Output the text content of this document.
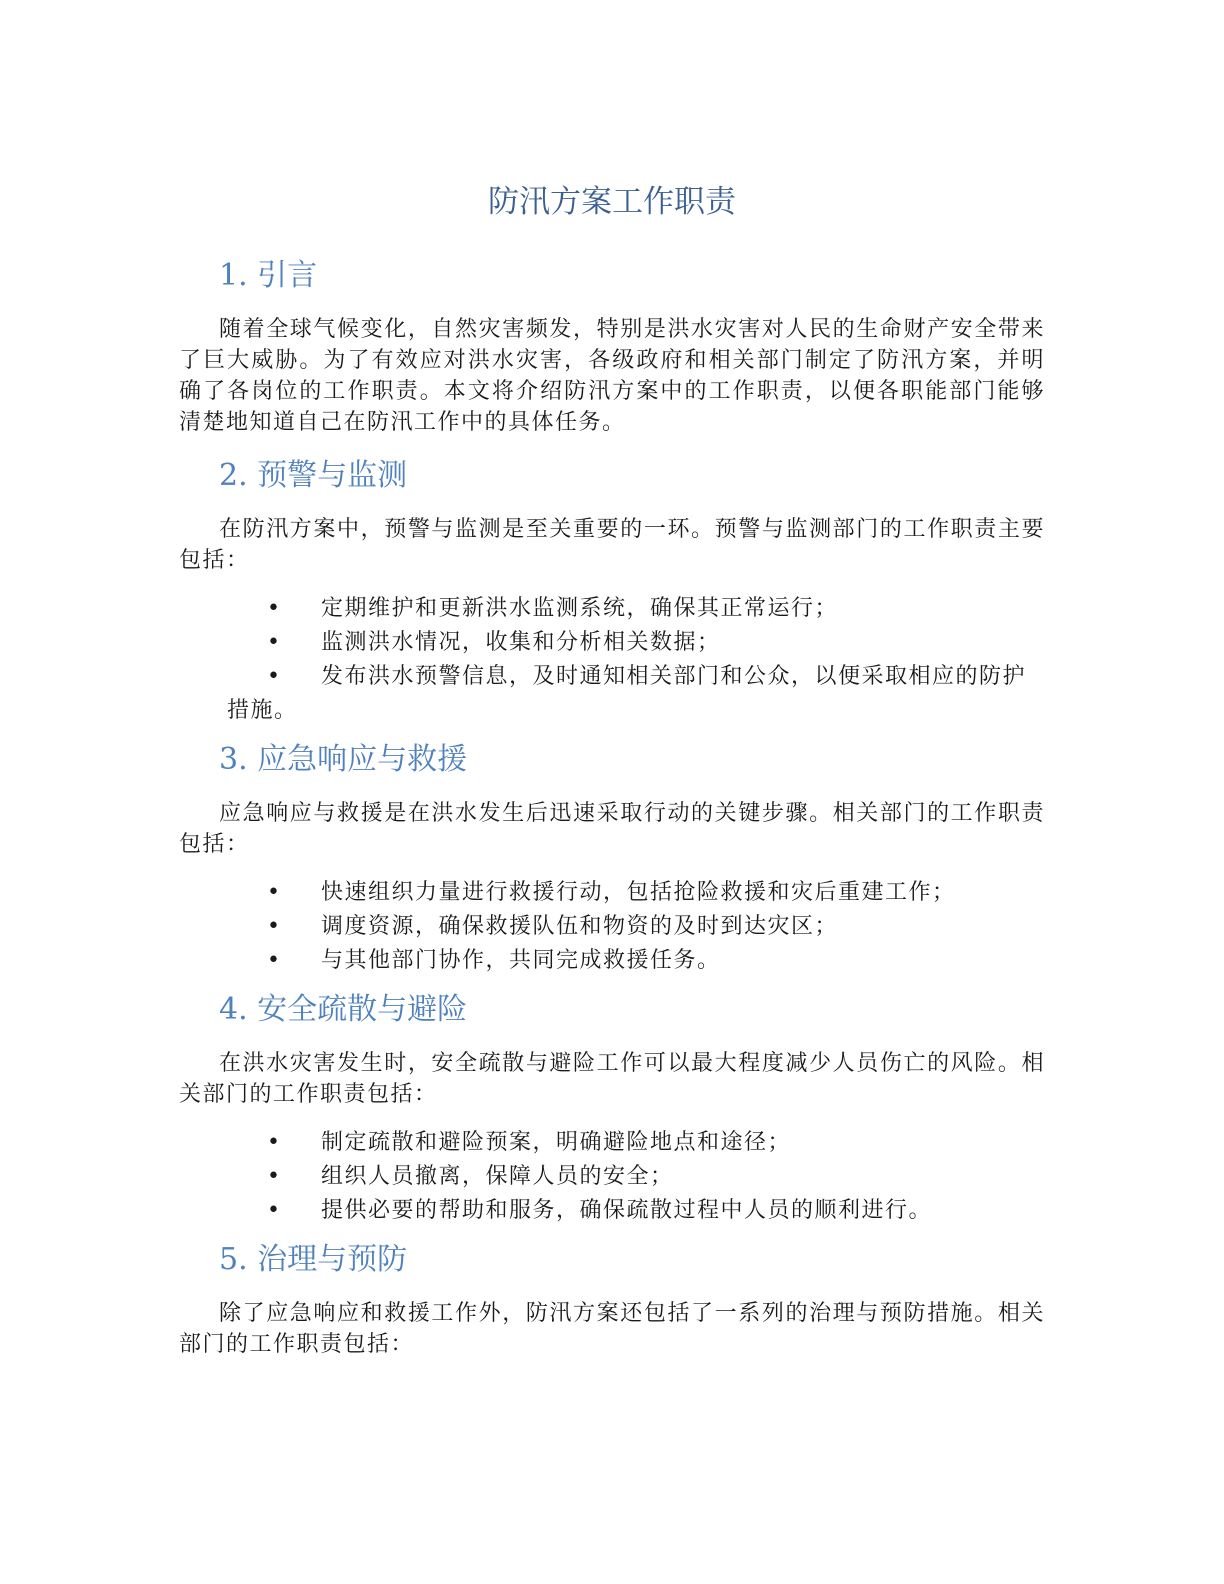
防汛方案工作职责
1. 引言

随着全球气候变化，自然灾害频发，特别是洪水灾害对人民的生命财产安全带来了巨大威胁。为了有效应对洪水灾害，各级政府和相关部门制定了防汛方案，并明确了各岗位的工作职责。本文将介绍防汛方案中的工作职责，以便各职能部门能够清楚地知道自己在防汛工作中的具体任务。

2. 预警与监测

在防汛方案中，预警与监测是至关重要的一环。预警与监测部门的工作职责主要包括：

•	定期维护和更新洪水监测系统，确保其正常运行；
•	监测洪水情况，收集和分析相关数据；
•	发布洪水预警信息，及时通知相关部门和公众，以便采取相应的防护措施。
3. 应急响应与救援

应急响应与救援是在洪水发生后迅速采取行动的关键步骤。相关部门的工作职责包括：

•	快速组织力量进行救援行动，包括抢险救援和灾后重建工作；
•	调度资源，确保救援队伍和物资的及时到达灾区；
•	与其他部门协作，共同完成救援任务。
4. 安全疏散与避险

在洪水灾害发生时，安全疏散与避险工作可以最大程度减少人员伤亡的风险。相关部门的工作职责包括：

•	制定疏散和避险预案，明确避险地点和途径；
•	组织人员撤离，保障人员的安全；
•	提供必要的帮助和服务，确保疏散过程中人员的顺利进行。
5. 治理与预防

除了应急响应和救援工作外，防汛方案还包括了一系列的治理与预防措施。相关部门的工作职责包括：
